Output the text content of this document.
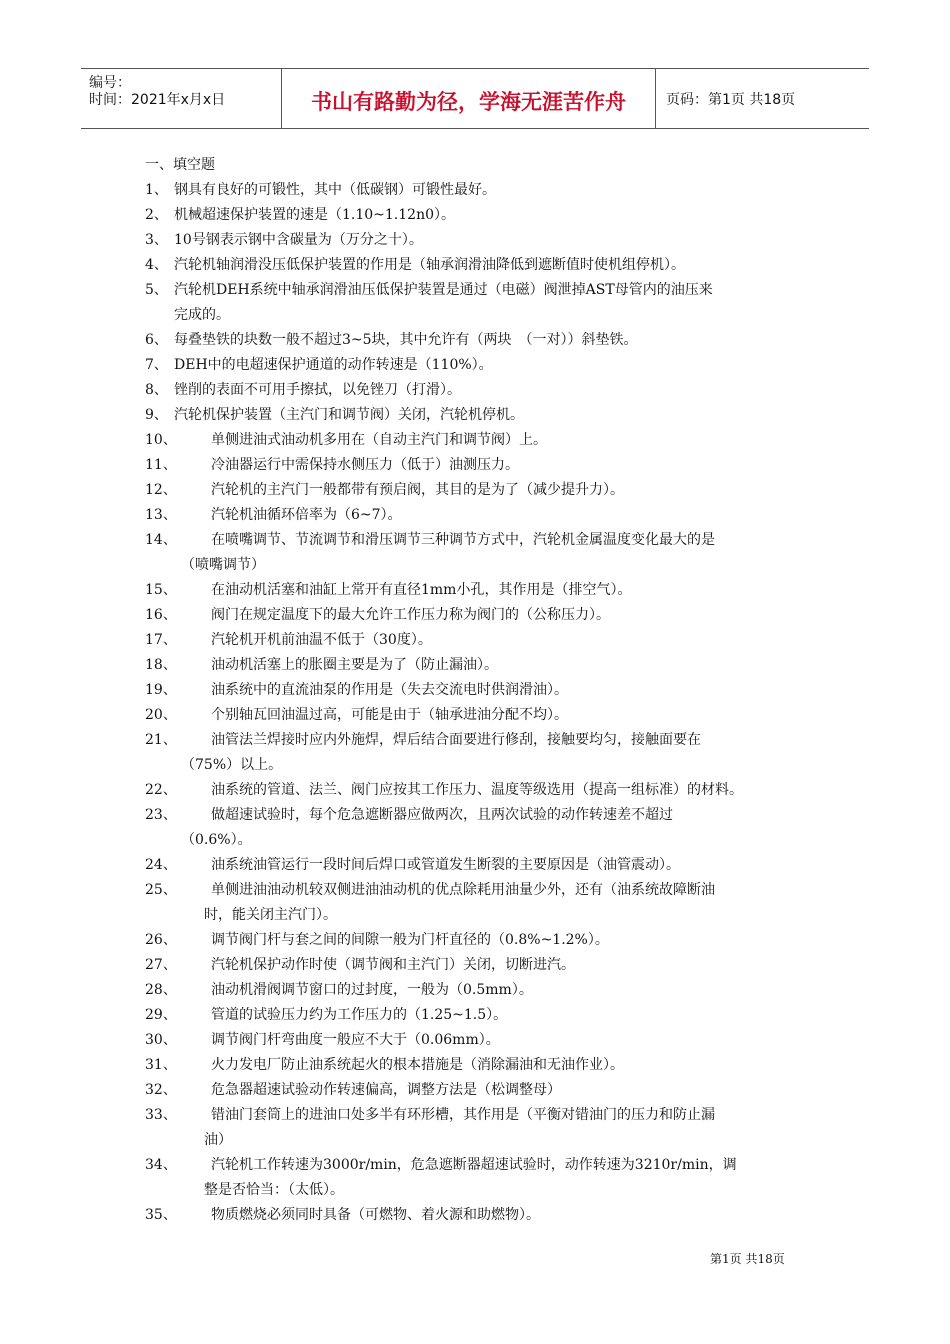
编号：
时间：2021年x月x日	书山有路勤为径，学海无涯苦作舟	页码：第1页 共18页
一、填空题
1、 钢具有良好的可锻性，其中（低碳钢）可锻性最好。
2、 机械超速保护装置的速是（1.10~1.12n0）。
3、 10号钢表示钢中含碳量为（万分之十）。
4、 汽轮机轴润滑没压低保护装置的作用是（轴承润滑油降低到遮断值时使机组停机）。
5、 汽轮机DEH系统中轴承润滑油压低保护装置是通过（电磁）阀泄掉AST母管内的油压来
完成的。
6、 每叠垫铁的块数一般不超过3~5块，其中允许有（两块　（一对））斜垫铁。
7、 DEH中的电超速保护通道的动作转速是（110%）。
8、 锉削的表面不可用手擦拭，以免锉刀（打滑）。
9、 汽轮机保护装置（主汽门和调节阀）关闭，汽轮机停机。
10、	单侧进油式油动机多用在（自动主汽门和调节阀）上。
11、	冷油器运行中需保持水侧压力（低于）油测压力。
12、	汽轮机的主汽门一般都带有预启阀，其目的是为了（减少提升力）。
13、	汽轮机油循环倍率为（6~7）。
14、	在喷嘴调节、节流调节和滑压调节三种调节方式中，汽轮机金属温度变化最大的是
（喷嘴调节）
15、	在油动机活塞和油缸上常开有直径1mm小孔，其作用是（排空气）。
16、	阀门在规定温度下的最大允许工作压力称为阀门的（公称压力）。
17、	汽轮机开机前油温不低于（30度）。
18、	油动机活塞上的胀圈主要是为了（防止漏油）。
19、	油系统中的直流油泵的作用是（失去交流电时供润滑油）。
20、	个别轴瓦回油温过高，可能是由于（轴承进油分配不均）。
21、	油管法兰焊接时应内外施焊，焊后结合面要进行修刮，接触要均匀，接触面要在
（75%）以上。
22、	油系统的管道、法兰、阀门应按其工作压力、温度等级选用（提高一组标准）的材料。
23、	做超速试验时，每个危急遮断器应做两次，且两次试验的动作转速差不超过
（0.6%）。
24、	油系统油管运行一段时间后焊口或管道发生断裂的主要原因是（油管震动）。
25、	单侧进油油动机较双侧进油油动机的优点除耗用油量少外，还有（油系统故障断油
时，能关闭主汽门）。
26、	调节阀门杆与套之间的间隙一般为门杆直径的（0.8%~1.2%）。
27、	汽轮机保护动作时使（调节阀和主汽门）关闭，切断进汽。
28、	油动机滑阀调节窗口的过封度，一般为（0.5mm）。
29、	管道的试验压力约为工作压力的（1.25~1.5）。
30、	调节阀门杆弯曲度一般应不大于（0.06mm）。
31、	火力发电厂防止油系统起火的根本措施是（消除漏油和无油作业）。
32、	危急器超速试验动作转速偏高，调整方法是（松调整母）
33、	错油门套筒上的进油口处多半有环形槽，其作用是（平衡对错油门的压力和防止漏
油）
34、	汽轮机工作转速为3000r/min，危急遮断器超速试验时，动作转速为3210r/min，调
整是否恰当：（太低）。
35、	物质燃烧必须同时具备（可燃物、着火源和助燃物）。
第1页 共18页
